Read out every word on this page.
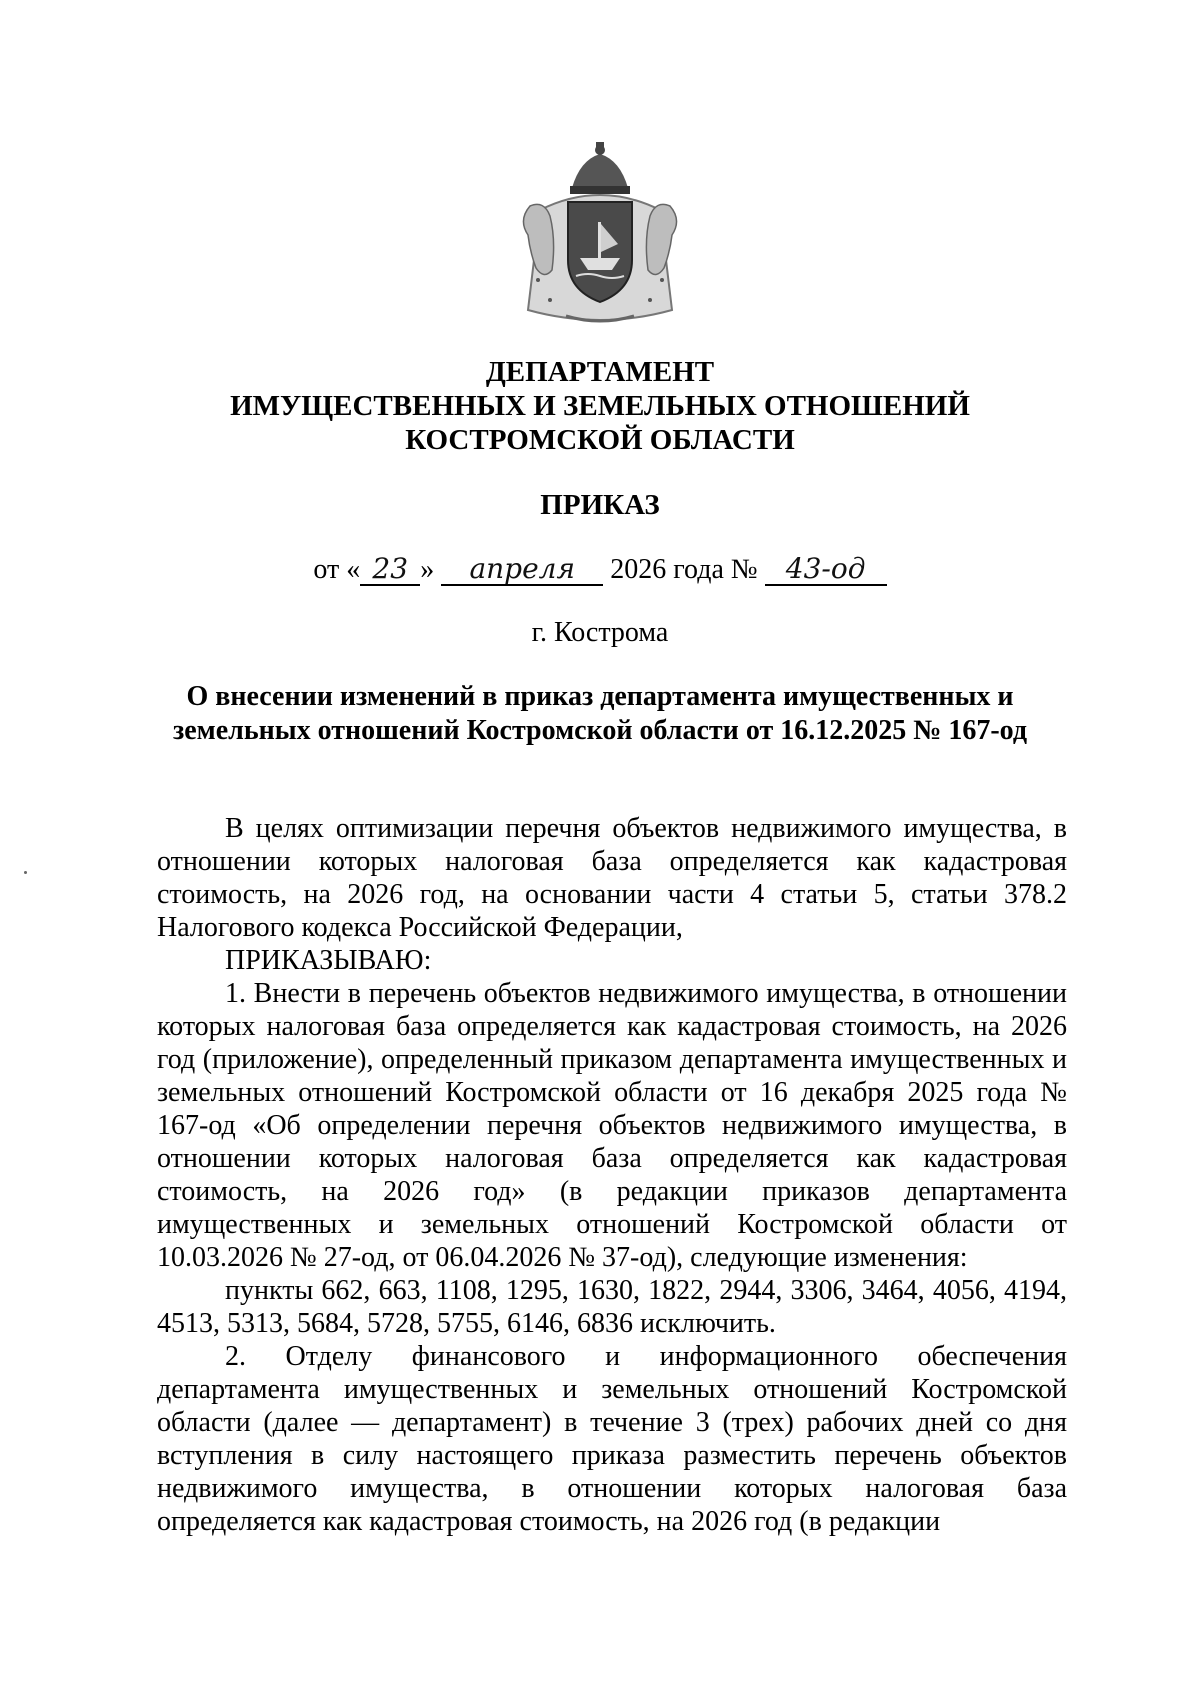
ДЕПАРТАМЕНТ
ИМУЩЕСТВЕННЫХ И ЗЕМЕЛЬНЫХ ОТНОШЕНИЙ
КОСТРОМСКОЙ ОБЛАСТИ
ПРИКАЗ
от « 23 » апреля 2026 года № 43-од
г. Кострома
О внесении изменений в приказ департамента имущественных и
земельных отношений Костромской области от 16.12.2025 № 167-од

В целях оптимизации перечня объектов недвижимого имущества, в отношении которых налоговая база определяется как кадастровая стоимость, на 2026 год, на основании части 4 статьи 5, статьи 378.2 Налогового кодекса Российской Федерации,

ПРИКАЗЫВАЮ:

1. Внести в перечень объектов недвижимого имущества, в отношении которых налоговая база определяется как кадастровая стоимость, на 2026 год (приложение), определенный приказом департамента имущественных и земельных отношений Костромской области от 16 декабря 2025 года № 167-од «Об определении перечня объектов недвижимого имущества, в отношении которых налоговая база определяется как кадастровая стоимость, на 2026 год» (в редакции приказов департамента имущественных и земельных отношений Костромской области от 10.03.2026 № 27-од, от 06.04.2026 № 37-од), следующие изменения:

пункты 662, 663, 1108, 1295, 1630, 1822, 2944, 3306, 3464, 4056, 4194, 4513, 5313, 5684, 5728, 5755, 6146, 6836 исключить.

2. Отделу финансового и информационного обеспечения департамента имущественных и земельных отношений Костромской области (далее — департамент) в течение 3 (трех) рабочих дней со дня вступления в силу настоящего приказа разместить перечень объектов недвижимого имущества, в отношении которых налоговая база определяется как кадастровая стоимость, на 2026 год (в редакции
